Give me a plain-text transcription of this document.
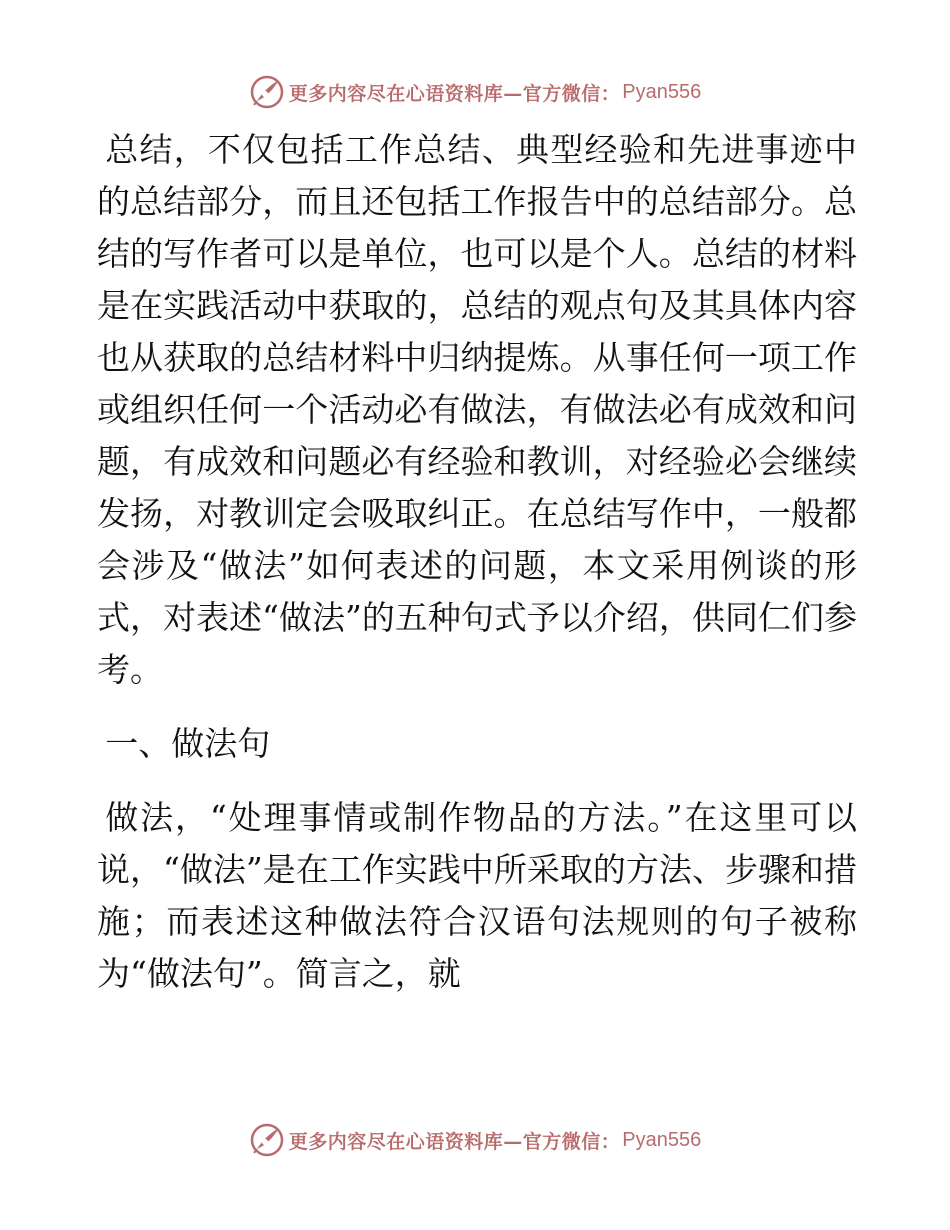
更多内容尽在心语资料库—官方微信： Pyan556

总结，不仅包括工作总结、典型经验和先进事迹中的总结部分，而且还包括工作报告中的总结部分。总结的写作者可以是单位，也可以是个人。总结的材料是在实践活动中获取的，总结的观点句及其具体内容也从获取的总结材料中归纳提炼。从事任何一项工作或组织任何一个活动必有做法，有做法必有成效和问题，有成效和问题必有经验和教训，对经验必会继续发扬，对教训定会吸取纠正。在总结写作中，一般都会涉及“做法”如何表述的问题，本文采用例谈的形式，对表述“做法”的五种句式予以介绍，供同仁们参考。

一、做法句

做法，“处理事情或制作物品的方法。”在这里可以说，“做法”是在工作实践中所采取的方法、步骤和措施；而表述这种做法符合汉语句法规则的句子被称为“做法句”。简言之，就

更多内容尽在心语资料库—官方微信： Pyan556
